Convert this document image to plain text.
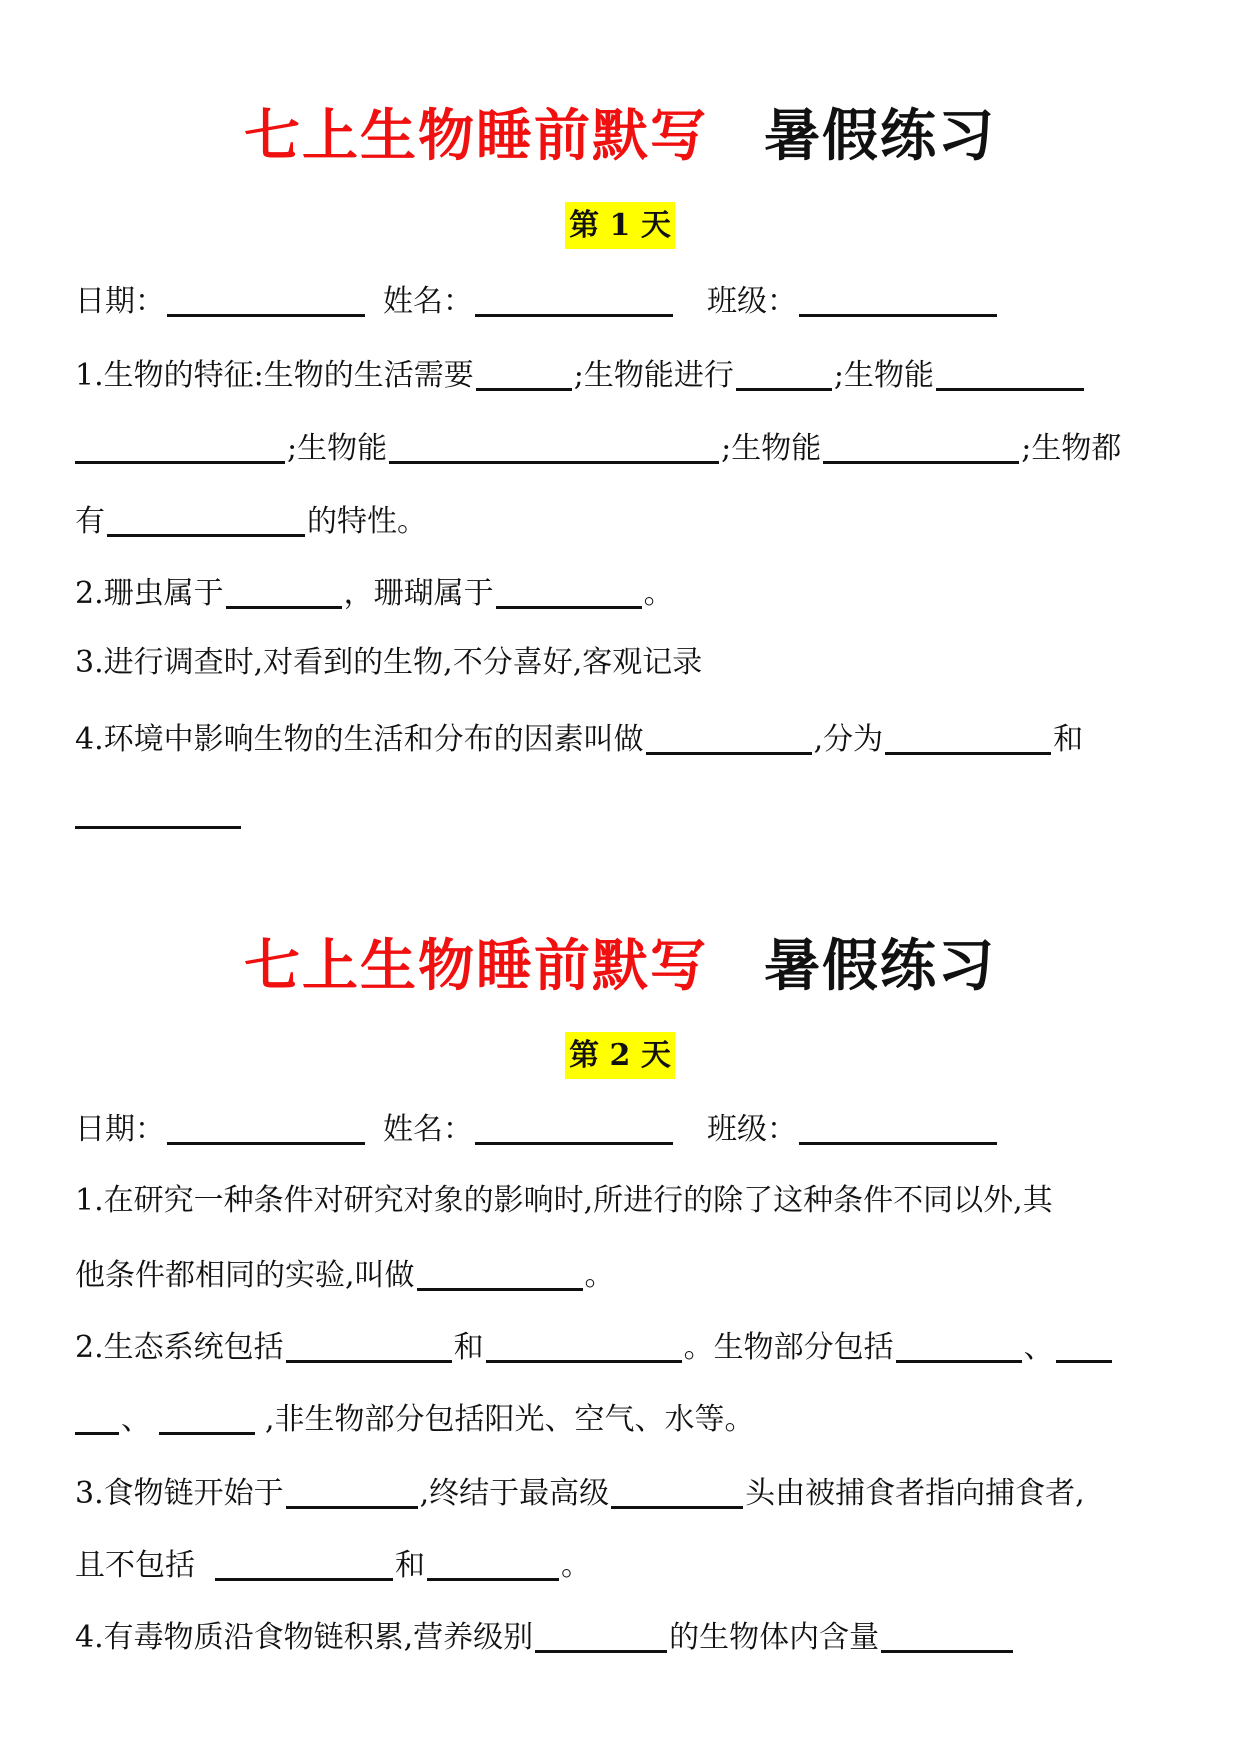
七上生物睡前默写 暑假练习
第 1 天
日期：	姓名：	班级：
1.生物的特征:生物的生活需要	;生物能进行	;生物能
;生物能	;生物能	;生物都
有	的特性。
2.珊虫属于	，珊瑚属于	。
3.进行调查时,对看到的生物,不分喜好,客观记录
4.环境中影响生物的生活和分布的因素叫做	,分为	和
七上生物睡前默写 暑假练习
第 2 天
日期：	姓名：	班级：
1.在研究一种条件对研究对象的影响时,所进行的除了这种条件不同以外,其
他条件都相同的实验,叫做	。
2.生态系统包括	和	。生物部分包括	、
、	,非生物部分包括阳光、空气、水等。
3.食物链开始于	,终结于最高级	头由被捕食者指向捕食者,
且不包括	和	。
4.有毒物质沿食物链积累,营养级别	的生物体内含量
